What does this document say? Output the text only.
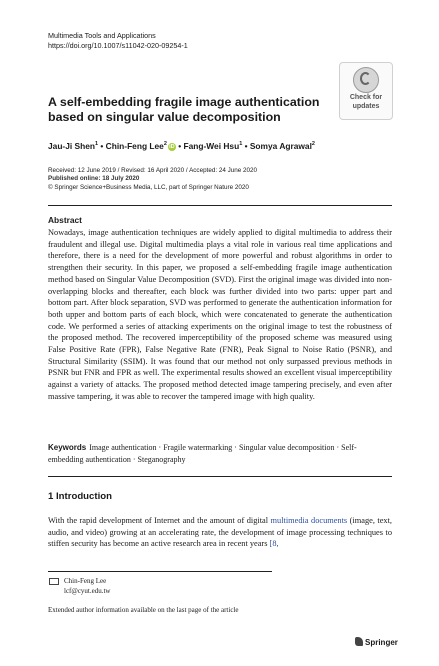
Multimedia Tools and Applications
https://doi.org/10.1007/s11042-020-09254-1
Check for
updates
A self-embedding fragile image authentication based on singular value decomposition
Jau-Ji Shen$^1$ • Chin-Feng Lee$^2$ iD • Fang-Wei Hsu$^1$ • Somya Agrawal$^2$
Received: 12 June 2019 / Revised: 16 April 2020 / Accepted: 24 June 2020
Published online: 18 July 2020
© Springer Science+Business Media, LLC, part of Springer Nature 2020
Abstract
Nowadays, image authentication techniques are widely applied to digital multimedia to address their fraudulent and illegal use. Digital multimedia plays a vital role in various real time applications and therefore, there is a need for the development of more powerful and robust algorithms in order to strengthen their security. In this paper, we proposed a self-embedding fragile image authentication method based on Singular Value Decomposition (SVD). First the original image was divided into non-overlapping blocks and thereafter, each block was further divided into two parts: upper part and bottom part. After block separation, SVD was performed to generate the authentication information for both upper and bottom parts of each block, which were concatenated to generate the authentication code. We performed a series of attacking experiments on the original image to test the robustness of the proposed method. The recovered imperceptibility of the proposed scheme was measured using False Positive Rate (FPR), False Negative Rate (FNR), Peak Signal to Noise Ratio (PSNR), and Structural Similarity (SSIM). It was found that our method not only surpassed previous methods in PSNR but FNR and FPR as well. The experimental results showed an excellent visual imperceptibility against a variety of attacks. The proposed method detected image tampering precisely, and even after massive tampering, it was able to recover the tampered image with high quality.
Keywords Image authentication · Fragile watermarking · Singular value decomposition · Self-embedding authentication · Steganography
1 Introduction
With the rapid development of Internet and the amount of digital multimedia documents (image, text, audio, and video) growing at an accelerating rate, the development of image processing techniques to stiffen security has become an active research area in recent years [8,
Chin-Feng Lee
lcf@cyut.edu.tw
Extended author information available on the last page of the article
Springer
